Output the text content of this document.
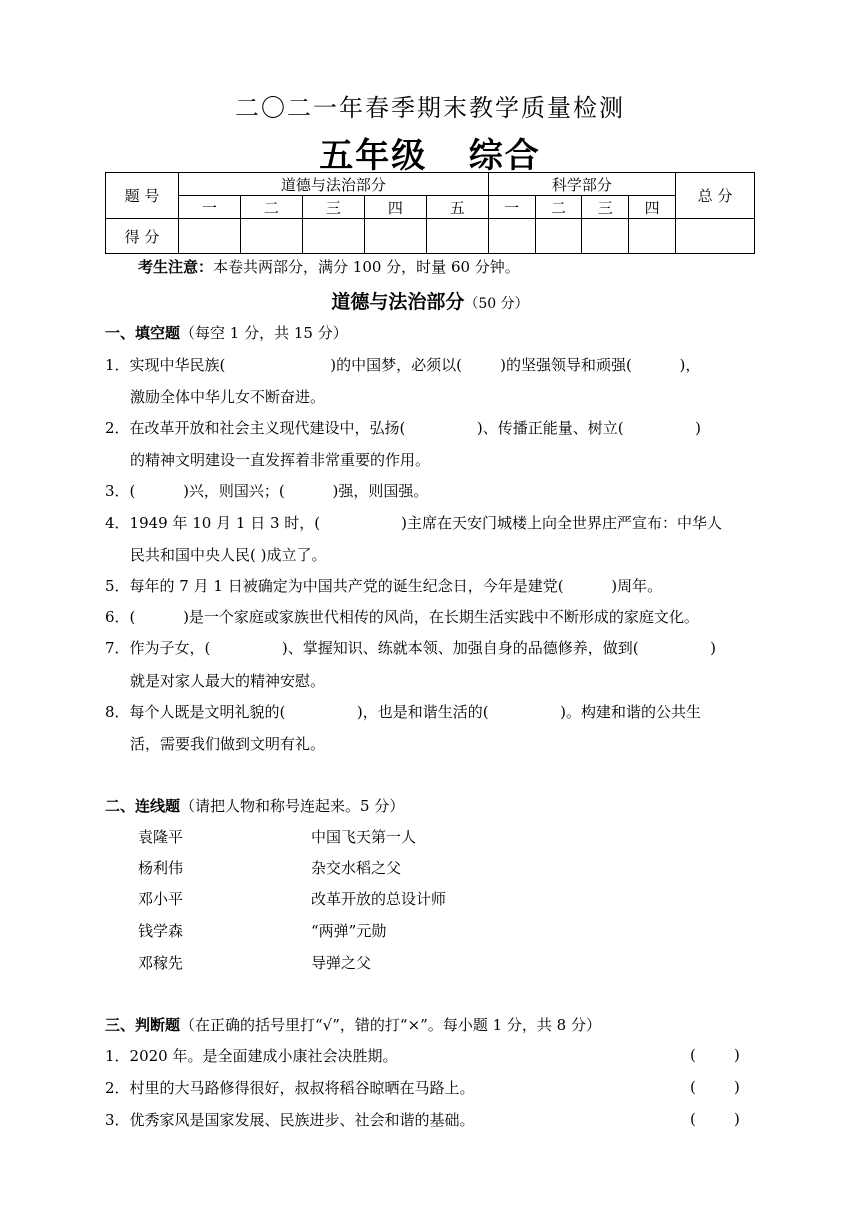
二〇二一年春季期末教学质量检测
五年级   综合
题 号	道德与法治部分					科学部分				总 分
	一	二	三	四	五	一	二	三	四	
得 分										
考生注意：本卷共两部分，满分 100 分，时量 60 分钟。
道德与法治部分（50 分）
一、填空题（每空 1 分，共 15 分）
1．实现中华民族(                      )的中国梦，必须以(        )的坚强领导和顽强(          )，
激励全体中华儿女不断奋进。
2．在改革开放和社会主义现代建设中，弘扬(               )、传播正能量、树立(               )
的精神文明建设一直发挥着非常重要的作用。
3．(          )兴，则国兴；(          )强，则国强。
4．1949 年 10 月 1 日 3 时，(                 )主席在天安门城楼上向全世界庄严宣布：中华人
民共和国中央人民( )成立了。
5．每年的 7 月 1 日被确定为中国共产党的诞生纪念日，今年是建党(          )周年。
6．(          )是一个家庭或家族世代相传的风尚，在长期生活实践中不断形成的家庭文化。
7．作为子女，(               )、掌握知识、练就本领、加强自身的品德修养，做到(               )
就是对家人最大的精神安慰。
8．每个人既是文明礼貌的(               )，也是和谐生活的(               )。构建和谐的公共生
活，需要我们做到文明有礼。
二、连线题（请把人物和称号连起来。5 分）
袁隆平	中国飞天第一人
杨利伟	杂交水稻之父
邓小平	改革开放的总设计师
钱学森	“两弹”元勋
邓稼先	导弹之父
三、判断题（在正确的括号里打“√”，错的打“×”。每小题 1 分，共 8 分）
1．2020 年。是全面建成小康社会决胜期。	(        )
2．村里的大马路修得很好，叔叔将稻谷晾晒在马路上。	(        )
3．优秀家风是国家发展、民族进步、社会和谐的基础。	(        )
